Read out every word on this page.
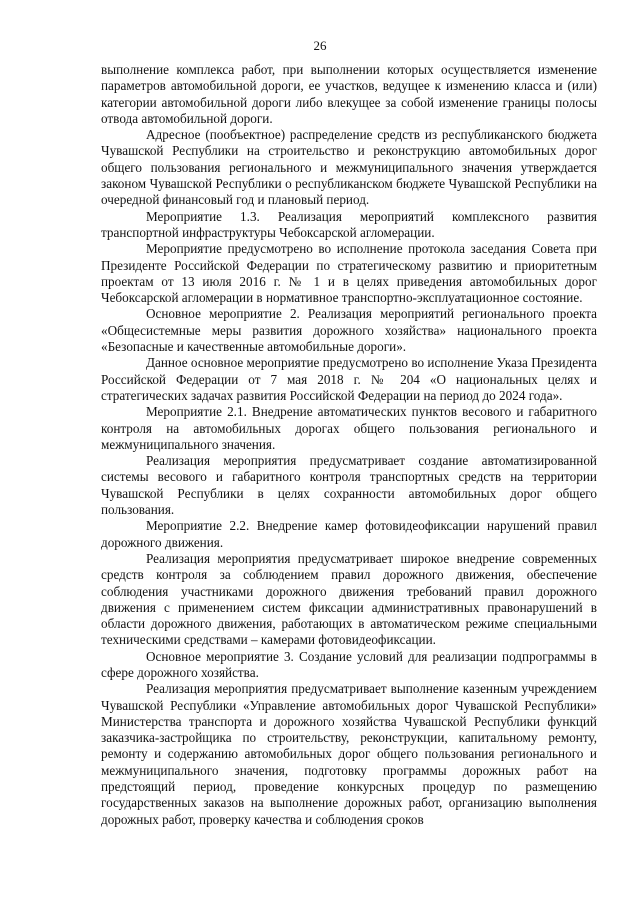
26

выполнение комплекса работ, при выполнении которых осуществляется изменение параметров автомобильной дороги, ее участков, ведущее к изменению класса и (или) категории автомобильной дороги либо влекущее за собой изменение границы полосы отвода автомобильной дороги.

Адресное (пообъектное) распределение средств из республиканского бюджета Чувашской Республики на строительство и реконструкцию автомобильных дорог общего пользования регионального и межмуниципального значения утверждается законом Чувашской Республики о республиканском бюджете Чувашской Республики на очередной финансовый год и плановый период.

Мероприятие 1.3. Реализация мероприятий комплексного развития транспортной инфраструктуры Чебоксарской агломерации.

Мероприятие предусмотрено во исполнение протокола заседания Совета при Президенте Российской Федерации по стратегическому развитию и приоритетным проектам от 13 июля 2016 г. № 1 и в целях приведения автомобильных дорог Чебоксарской агломерации в нормативное транспортно-эксплуатационное состояние.

Основное мероприятие 2. Реализация мероприятий регионального проекта «Общесистемные меры развития дорожного хозяйства» национального проекта «Безопасные и качественные автомобильные дороги».

Данное основное мероприятие предусмотрено во исполнение Указа Президента Российской Федерации от 7 мая 2018 г. № 204 «О национальных целях и стратегических задачах развития Российской Федерации на период до 2024 года».

Мероприятие 2.1. Внедрение автоматических пунктов весового и габаритного контроля на автомобильных дорогах общего пользования регионального и межмуниципального значения.

Реализация мероприятия предусматривает создание автоматизированной системы весового и габаритного контроля транспортных средств на территории Чувашской Республики в целях сохранности автомобильных дорог общего пользования.

Мероприятие 2.2. Внедрение камер фотовидеофиксации нарушений правил дорожного движения.

Реализация мероприятия предусматривает широкое внедрение современных средств контроля за соблюдением правил дорожного движения, обеспечение соблюдения участниками дорожного движения требований правил дорожного движения с применением систем фиксации административных правонарушений в области дорожного движения, работающих в автоматическом режиме специальными техническими средствами – камерами фотовидеофиксации.

Основное мероприятие 3. Создание условий для реализации подпрограммы в сфере дорожного хозяйства.

Реализация мероприятия предусматривает выполнение казенным учреждением Чувашской Республики «Управление автомобильных дорог Чувашской Республики» Министерства транспорта и дорожного хозяйства Чувашской Республики функций заказчика-застройщика по строительству, реконструкции, капитальному ремонту, ремонту и содержанию автомобильных дорог общего пользования регионального и межмуниципального значения, подготовку программы дорожных работ на предстоящий период, проведение конкурсных процедур по размещению государственных заказов на выполнение дорожных работ, организацию выполнения дорожных работ, проверку качества и соблюдения сроков
